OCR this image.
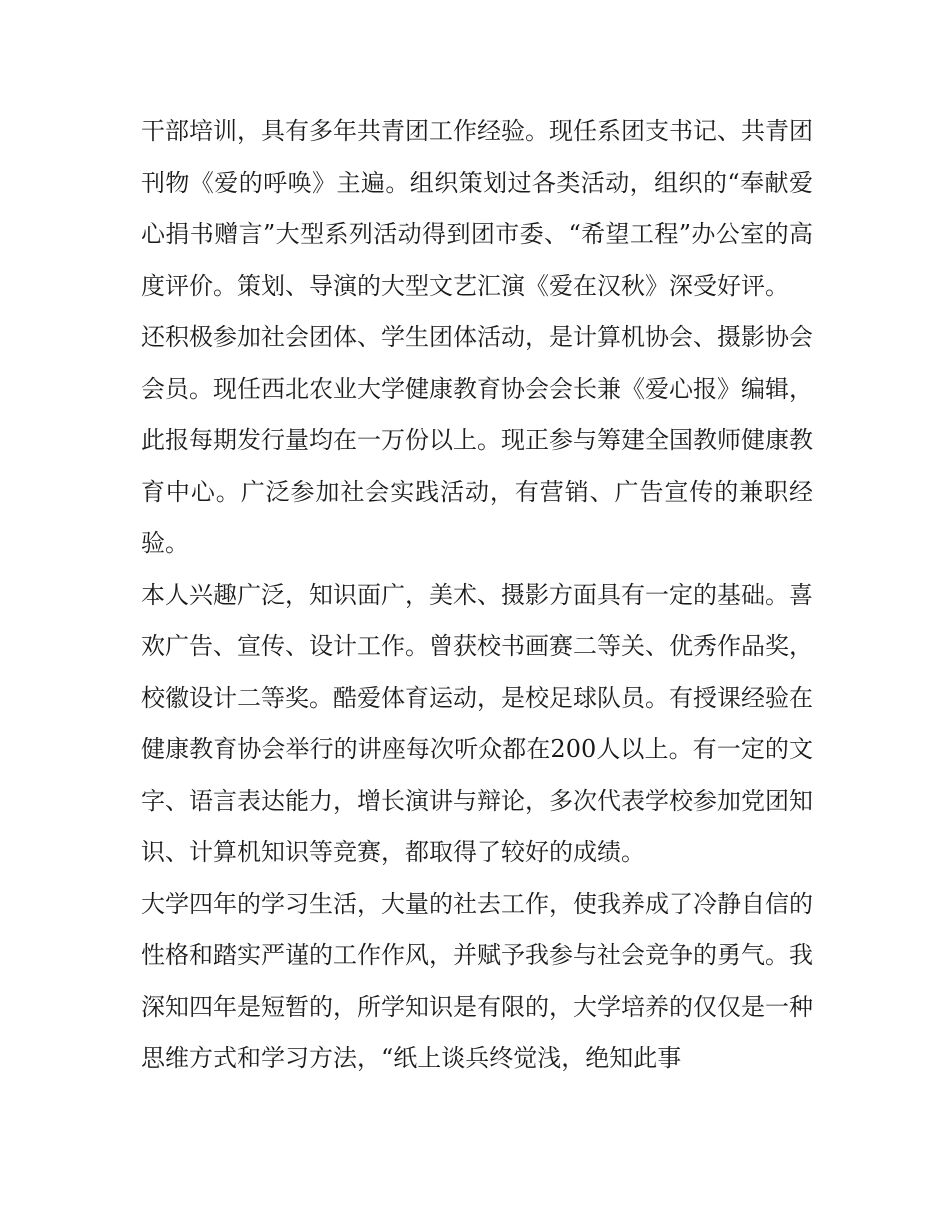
干部培训，具有多年共青团工作经验。现任系团支书记、共青团刊物《爱的呼唤》主遍。组织策划过各类活动，组织的“奉献爱心捐书赠言”大型系列活动得到团市委、“希望工程”办公室的高度评价。策划、导演的大型文艺汇演《爱在汉秋》深受好评。

还积极参加社会团体、学生团体活动，是计算机协会、摄影协会会员。现任西北农业大学健康教育协会会长兼《爱心报》编辑，此报每期发行量均在一万份以上。现正参与筹建全国教师健康教育中心。广泛参加社会实践活动，有营销、广告宣传的兼职经验。

本人兴趣广泛，知识面广，美术、摄影方面具有一定的基础。喜欢广告、宣传、设计工作。曾获校书画赛二等关、优秀作品奖，校徽设计二等奖。酷爱体育运动，是校足球队员。有授课经验在健康教育协会举行的讲座每次听众都在200人以上。有一定的文字、语言表达能力，增长演讲与辩论，多次代表学校参加党团知识、计算机知识等竞赛，都取得了较好的成绩。

大学四年的学习生活，大量的社去工作，使我养成了冷静自信的性格和踏实严谨的工作作风，并赋予我参与社会竞争的勇气。我深知四年是短暂的，所学知识是有限的，大学培养的仅仅是一种思维方式和学习方法，“纸上谈兵终觉浅，绝知此事
